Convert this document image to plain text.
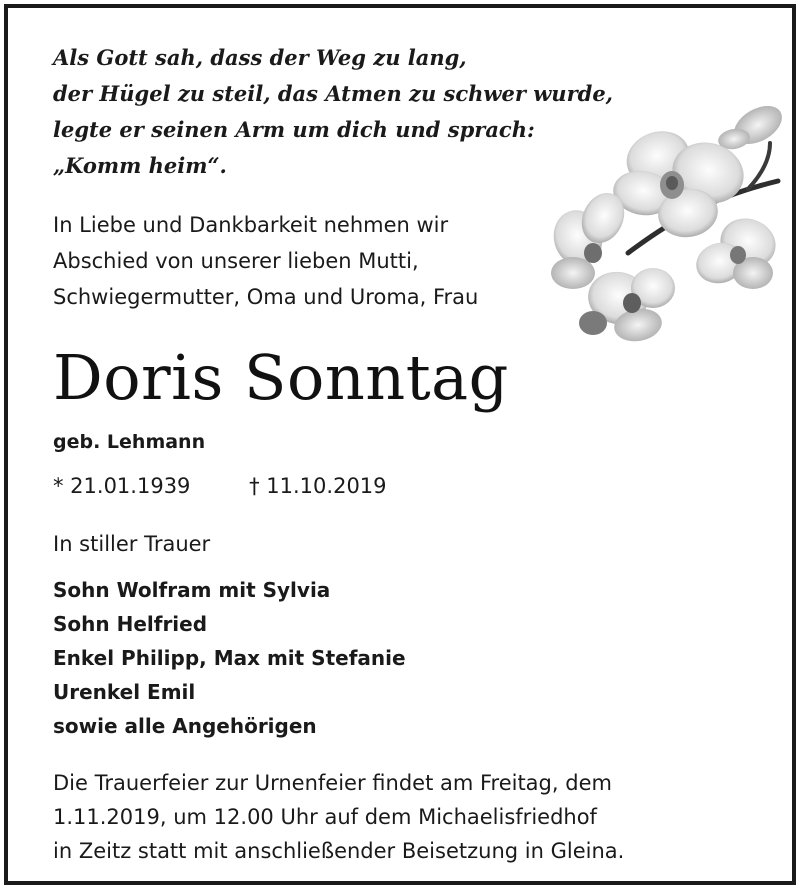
Als Gott sah, dass der Weg zu lang,
der Hügel zu steil, das Atmen zu schwer wurde,
legte er seinen Arm um dich und sprach:
„Komm heim“.
In Liebe und Dankbarkeit nehmen wir
Abschied von unserer lieben Mutti,
Schwiegermutter, Oma und Uroma, Frau
Doris Sonntag
geb. Lehmann
* 21.01.1939	† 11.10.2019
In stiller Trauer
Sohn Wolfram mit Sylvia
Sohn Helfried
Enkel Philipp, Max mit Stefanie
Urenkel Emil
sowie alle Angehörigen
Die Trauerfeier zur Urnenfeier findet am Freitag, dem
1.11.2019, um 12.00 Uhr auf dem Michaelisfriedhof
in Zeitz statt mit anschließender Beisetzung in Gleina.
